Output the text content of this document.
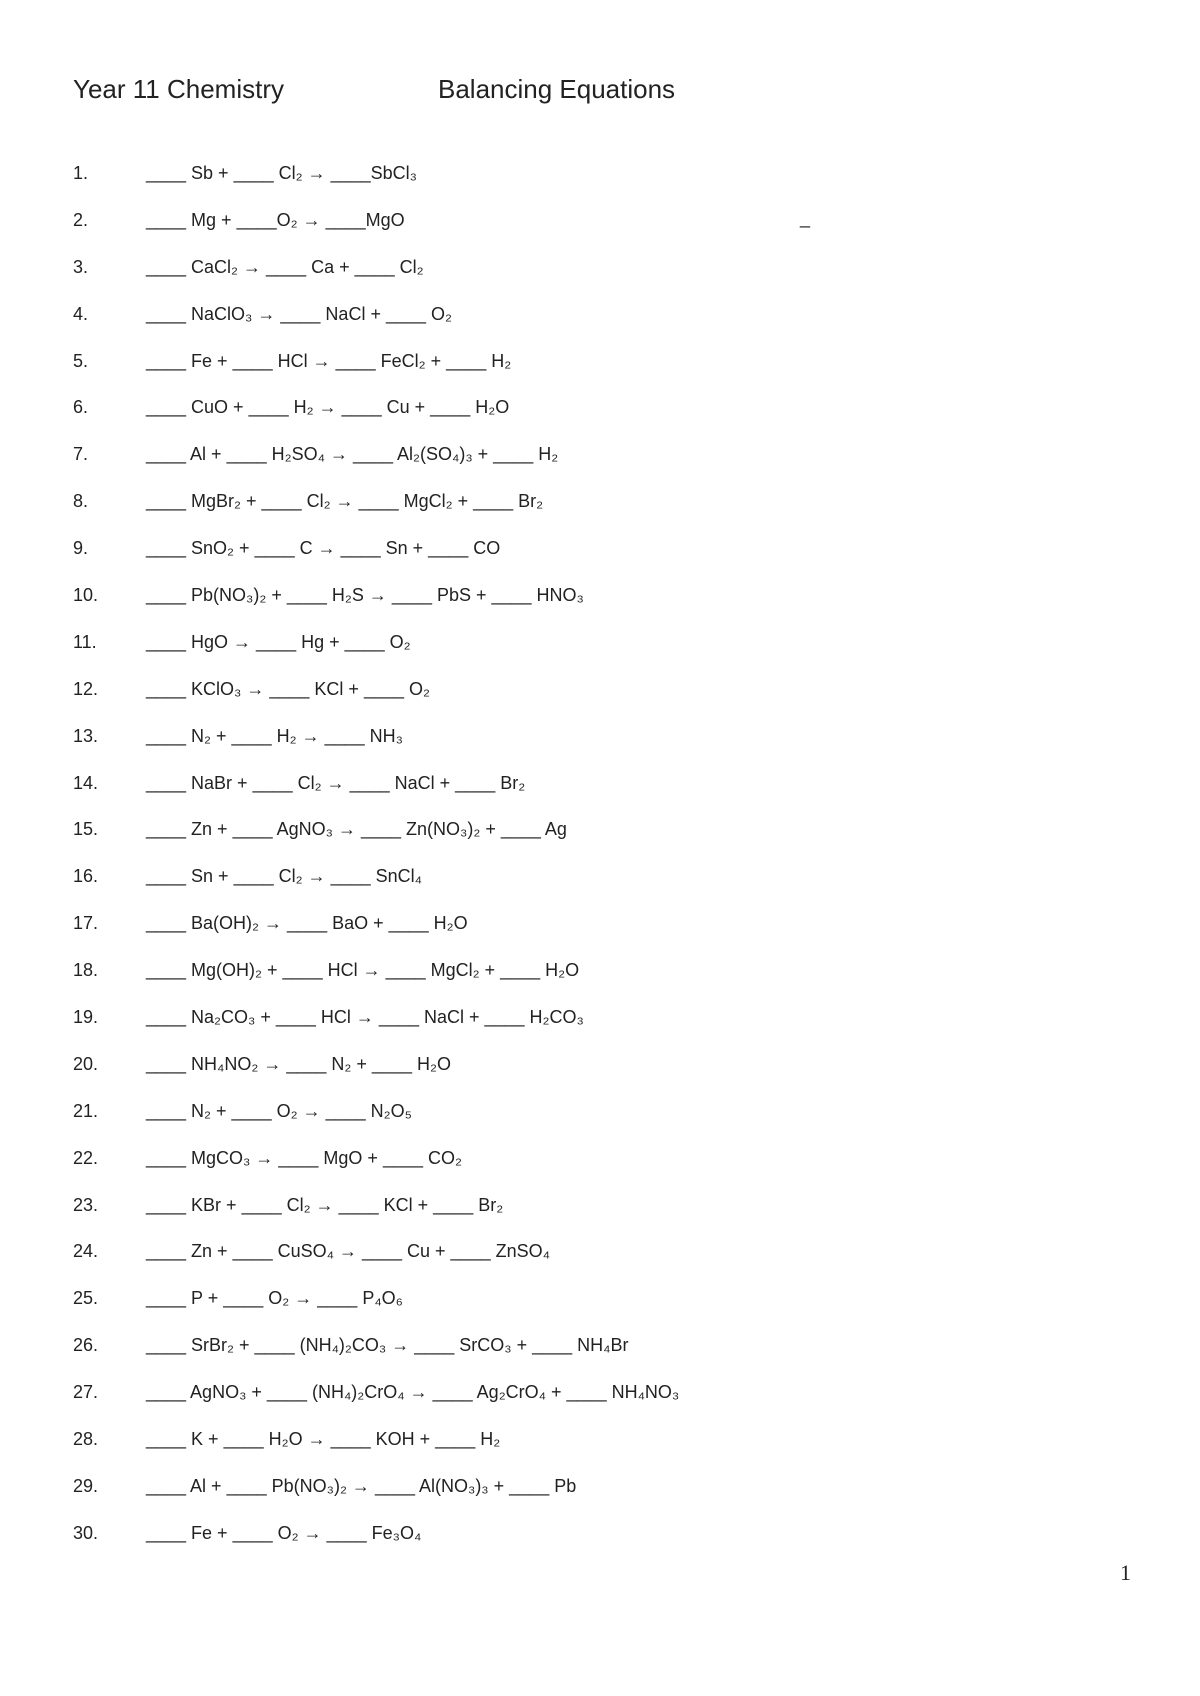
Year 11 Chemistry	Balancing Equations
_
1.	____ Sb + ____ Cl₂ → ____SbCl₃
2.	____ Mg + ____O₂ → ____MgO
3.	____ CaCl₂ → ____ Ca + ____ Cl₂
4.	____ NaClO₃ → ____ NaCl + ____ O₂
5.	____ Fe + ____ HCl → ____ FeCl₂ + ____ H₂
6.	____ CuO + ____ H₂ → ____ Cu + ____ H₂O
7.	____ Al + ____ H₂SO₄ → ____ Al₂(SO₄)₃ + ____ H₂
8.	____ MgBr₂ + ____ Cl₂ → ____ MgCl₂ + ____ Br₂
9.	____ SnO₂ + ____ C → ____ Sn + ____ CO
10.	____ Pb(NO₃)₂ + ____ H₂S → ____ PbS + ____ HNO₃
11.	____ HgO → ____ Hg + ____ O₂
12.	____ KClO₃ → ____ KCl + ____ O₂
13.	____ N₂ + ____ H₂ → ____ NH₃
14.	____ NaBr + ____ Cl₂ → ____ NaCl + ____ Br₂
15.	____ Zn + ____ AgNO₃ → ____ Zn(NO₃)₂ + ____ Ag
16.	____ Sn + ____ Cl₂ → ____ SnCl₄
17.	____ Ba(OH)₂ → ____ BaO + ____ H₂O
18.	____ Mg(OH)₂ + ____ HCl → ____ MgCl₂ + ____ H₂O
19.	____ Na₂CO₃ + ____ HCl → ____ NaCl + ____ H₂CO₃
20.	____ NH₄NO₂ → ____ N₂ + ____ H₂O
21.	____ N₂ + ____ O₂ → ____ N₂O₅
22.	____ MgCO₃ → ____ MgO + ____ CO₂
23.	____ KBr + ____ Cl₂ → ____ KCl + ____ Br₂
24.	____ Zn + ____ CuSO₄ → ____ Cu + ____ ZnSO₄
25.	____ P + ____ O₂ → ____ P₄O₆
26.	____ SrBr₂ + ____ (NH₄)₂CO₃ → ____ SrCO₃ + ____ NH₄Br
27.	____ AgNO₃ + ____ (NH₄)₂CrO₄ → ____ Ag₂CrO₄ + ____ NH₄NO₃
28.	____ K + ____ H₂O → ____ KOH + ____ H₂
29.	____ Al + ____ Pb(NO₃)₂ → ____ Al(NO₃)₃ + ____ Pb
30.	____ Fe + ____ O₂ → ____ Fe₃O₄
1
